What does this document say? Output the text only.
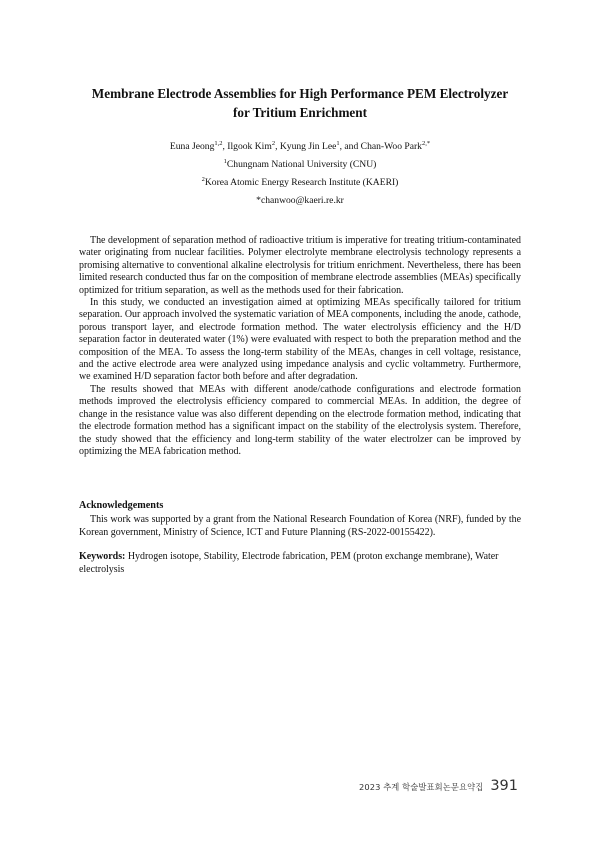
Membrane Electrode Assemblies for High Performance PEM Electrolyzer
for Tritium Enrichment
Euna Jeong$^{1,2}$, Ilgook Kim$^2$, Kyung Jin Lee$^1$, and Chan-Woo Park$^{2,*}$
$^1$Chungnam National University (CNU)
$^2$Korea Atomic Energy Research Institute (KAERI)
*chanwoo@kaeri.re.kr

The development of separation method of radioactive tritium is imperative for treating tritium-contaminated water originating from nuclear facilities. Polymer electrolyte membrane electrolysis technology represents a promising alternative to conventional alkaline electrolysis for tritium enrichment. Nevertheless, there has been limited research conducted thus far on the composition of membrane electrode assemblies (MEAs) specifically optimized for tritium separation, as well as the methods used for their fabrication.

In this study, we conducted an investigation aimed at optimizing MEAs specifically tailored for tritium separation. Our approach involved the systematic variation of MEA components, including the anode, cathode, porous transport layer, and electrode formation method. The water electrolysis efficiency and the H/D separation factor in deuterated water (1%) were evaluated with respect to both the preparation method and the composition of the MEA. To assess the long-term stability of the MEAs, changes in cell voltage, resistance, and the active electrode area were analyzed using impedance analysis and cyclic voltammetry. Furthermore, we examined H/D separation factor both before and after degradation.

The results showed that MEAs with different anode/cathode configurations and electrode formation methods improved the electrolysis efficiency compared to commercial MEAs. In addition, the degree of change in the resistance value was also different depending on the electrode formation method, indicating that the electrode formation method has a significant impact on the stability of the electrolysis system. Therefore, the study showed that the efficiency and long-term stability of the water electrolzer can be improved by optimizing the MEA fabrication method.

Acknowledgements

This work was supported by a grant from the National Research Foundation of Korea (NRF), funded by the Korean government, Ministry of Science, ICT and Future Planning (RS-2022-00155422).

Keywords: Hydrogen isotope, Stability, Electrode fabrication, PEM (proton exchange membrane), Water electrolysis
2023 추계 학술발표회논문요약집 391
